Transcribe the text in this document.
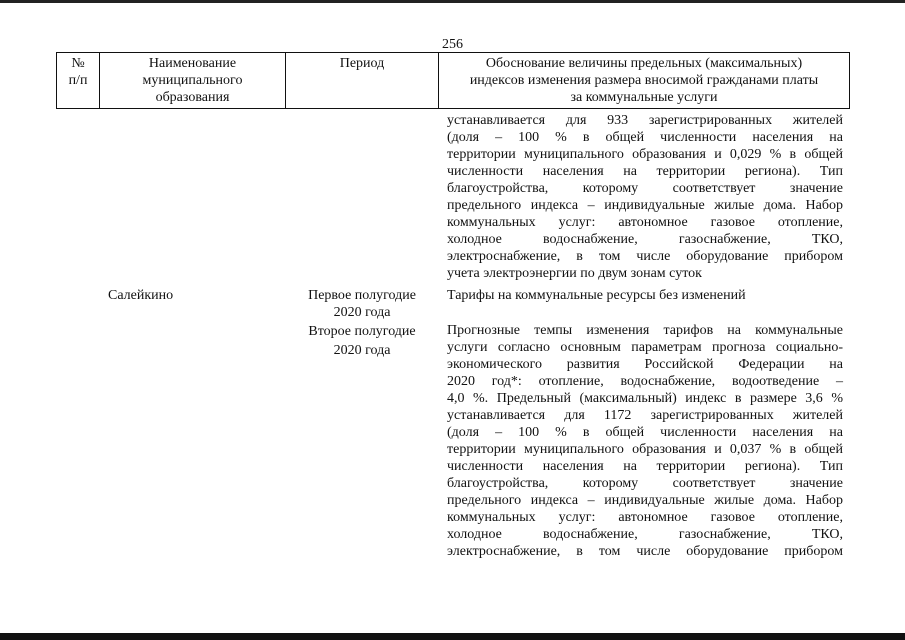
256
№
п/п
Наименование
муниципального
образования
Период	Обоснование величины предельных (максимальных)
индексов изменения размера вносимой гражданами платы
за коммунальные услуги
устанавливается для 933 зарегистрированных жителей
(доля – 100 % в общей численности населения на
территории муниципального образования и 0,029 % в общей
численности населения на территории региона). Тип
благоустройства, которому соответствует значение
предельного индекса – индивидуальные жилые дома. Набор
коммунальных услуг: автономное газовое отопление,
холодное водоснабжение, газоснабжение, ТКО,
электроснабжение, в том числе оборудование прибором
учета электроэнергии по двум зонам суток
Салейкино	Первое полугодие
2020 года
Тарифы на коммунальные ресурсы без изменений
Второе полугодие
2020 года
Прогнозные темпы изменения тарифов на коммунальные
услуги согласно основным параметрам прогноза социально-
экономического развития Российской Федерации на
2020 год*: отопление, водоснабжение, водоотведение –
4,0 %. Предельный (максимальный) индекс в размере 3,6 %
устанавливается для 1172 зарегистрированных жителей
(доля – 100 % в общей численности населения на
территории муниципального образования и 0,037 % в общей
численности населения на территории региона). Тип
благоустройства, которому соответствует значение
предельного индекса – индивидуальные жилые дома. Набор
коммунальных услуг: автономное газовое отопление,
холодное водоснабжение, газоснабжение, ТКО,
электроснабжение, в том числе оборудование прибором
